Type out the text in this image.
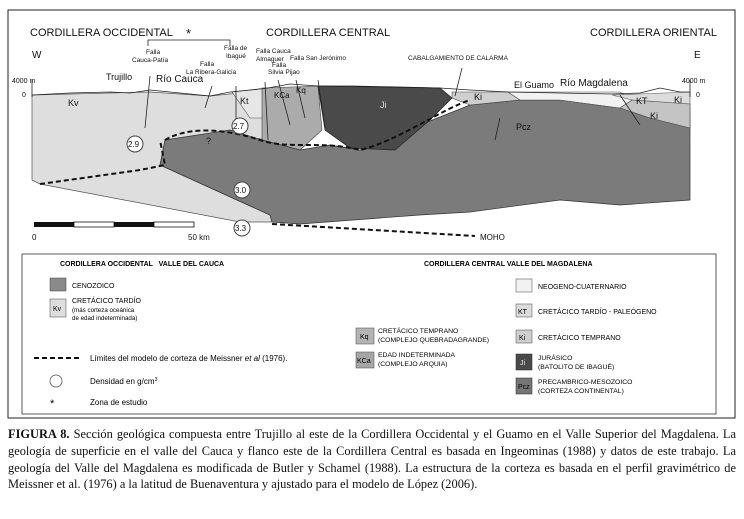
CORDILLERA OCCIDENTAL	CORDILLERA CENTRAL	CORDILLERA ORIENTAL
*
W	E
Falla
Cauca-Patía
Falla de
Ibagué
Falla
La Ribera-Galicia
Falla Cauca
Almaguer
Falla
Silvia Pijao
Falla San Jerónimo	CABALGAMIENTO DE CALARMA
Trujillo Río Cauca	El Guamo Río Magdalena
4000 m
0
4000 m
0
Kv	Kt
KCa
Kq
Ji
Ki
Pcz
KT	Ki
Ki
?
2.9
2.7
3.0
3.3
MOHO
0	50 km
CORDILLERA OCCIDENTAL   VALLE DEL CAUCA	CORDILLERA CENTRAL VALLE DEL MAGDALENA
CENOZOICO
Kv
CRETÁCICO TARDÍO
(más corteza oceánica
de edad indeterminada)
Kq
CRETÁCICO TEMPRANO
(COMPLEJO QUEBRADAGRANDE)
KCa
EDAD INDETERMINADA
(COMPLEJO ARQUIA)
NEOGENO-CUATERNARIO
KT CRETÁCICO TARDÍO - PALEÓGENO
Ki CRETÁCICO TEMPRANO
Ji
JURÁSICO
(BATOLITO DE IBAGUÉ)
Pcz
PRECAMBRICO-MESOZOICO
(CORTEZA CONTINENTAL)
Límites del modelo de corteza de Meissner et al (1976).
Densidad en $g/cm^3$
*	Zona de estudio
FIGURA 8. Sección geológica compuesta entre Trujillo al este de la Cordillera Occidental y el Guamo en el Valle Superior del Magdalena. La geología de superficie en el valle del Cauca y flanco este de la Cordillera Central es basada en Ingeominas (1988) y datos de este trabajo. La geología del Valle del Magdalena es modificada de Butler y Schamel (1988). La estructura de la corteza es basada en el perfil gravimétrico de Meissner et al. (1976) a la latitud de Buenaventura y ajustado para el modelo de López (2006).
